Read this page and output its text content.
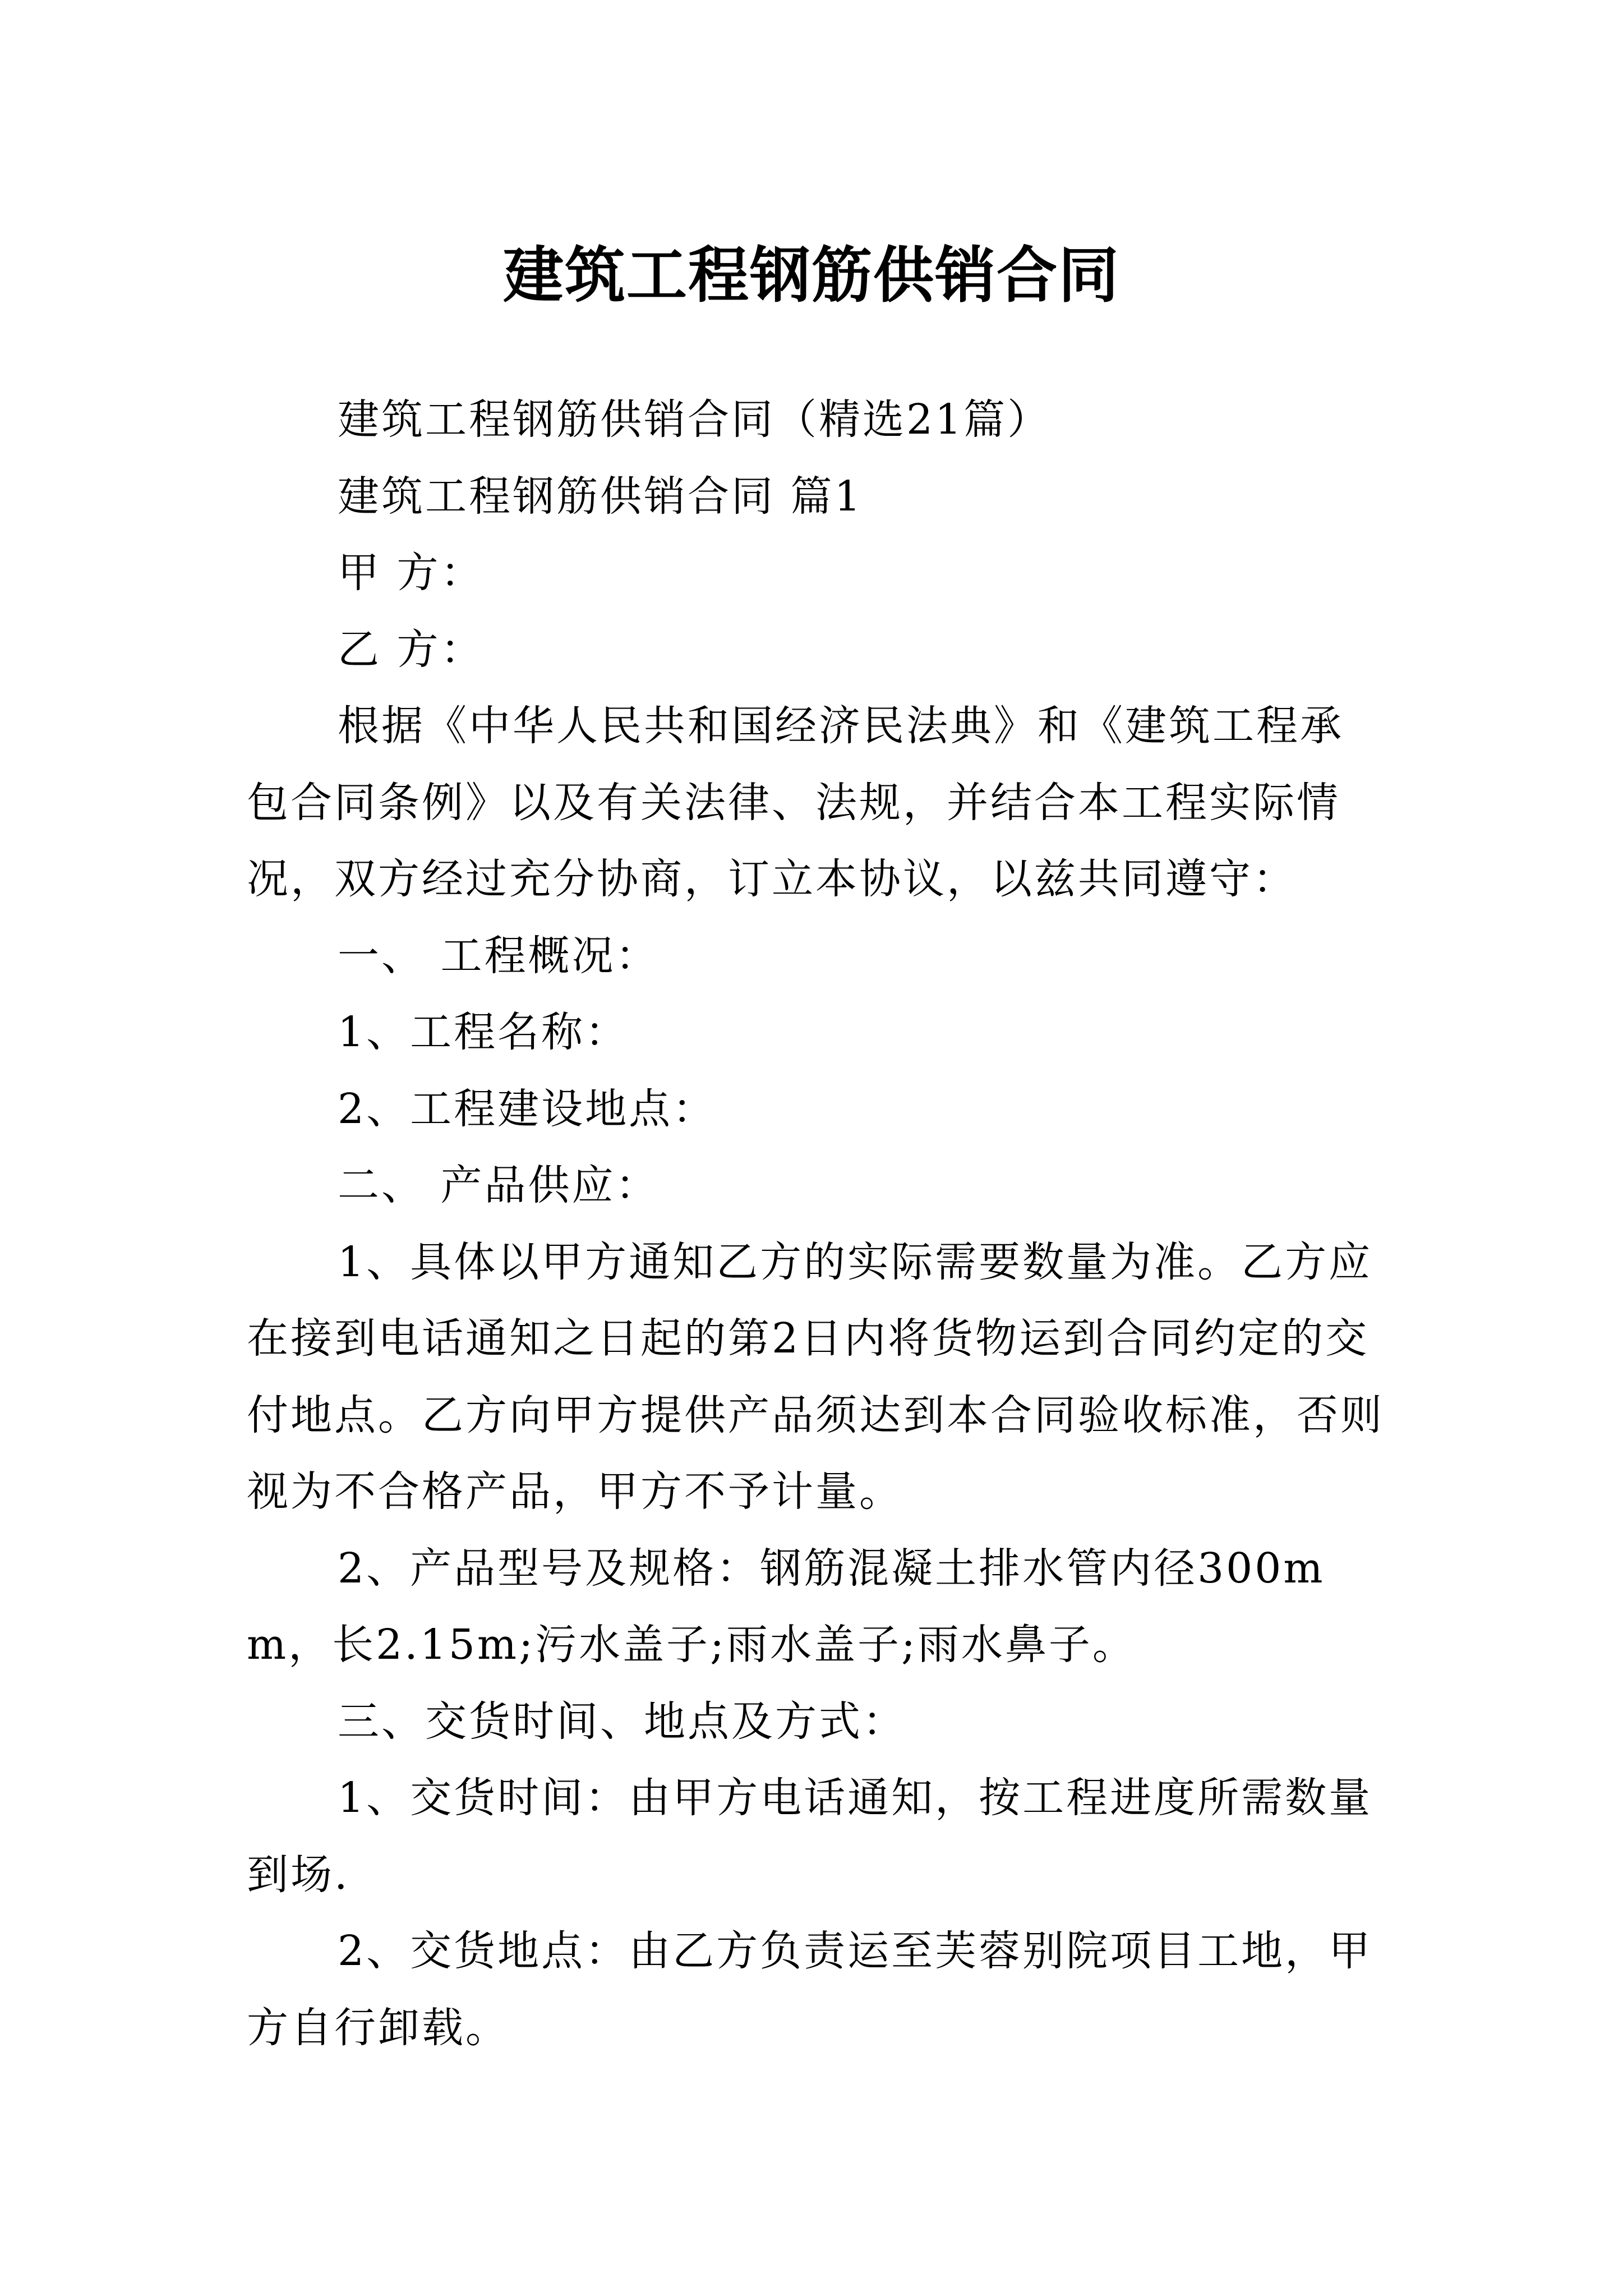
建筑工程钢筋供销合同

建筑工程钢筋供销合同（精选21篇）

建筑工程钢筋供销合同 篇1

甲 方：

乙 方：

根据《中华人民共和国经济民法典》和《建筑工程承包合同条例》以及有关法律、法规，并结合本工程实际情况，双方经过充分协商，订立本协议，以兹共同遵守：

一、 工程概况：

1、工程名称：

2、工程建设地点：

二、 产品供应：

1、具体以甲方通知乙方的实际需要数量为准。乙方应在接到电话通知之日起的第2日内将货物运到合同约定的交付地点。乙方向甲方提供产品须达到本合同验收标准，否则视为不合格产品，甲方不予计量。

2、产品型号及规格：钢筋混凝土排水管内径300mm，长2.15m;污水盖子;雨水盖子;雨水鼻子。

三、交货时间、地点及方式：

1、交货时间：由甲方电话通知，按工程进度所需数量到场.

2、交货地点：由乙方负责运至芙蓉别院项目工地，甲方自行卸载。
